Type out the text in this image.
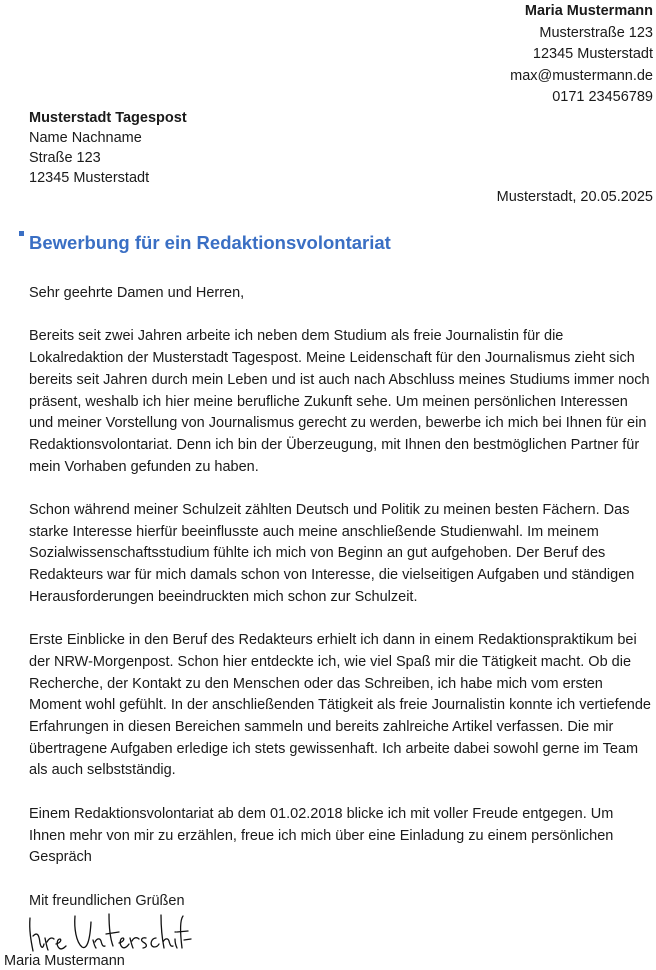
Maria Mustermann
Musterstraße 123
12345 Musterstadt
max@mustermann.de
0171 23456789
Musterstadt Tagespost
Name Nachname
Straße 123
12345 Musterstadt
Musterstadt, 20.05.2025
Bewerbung für ein Redaktionsvolontariat

Sehr geehrte Damen und Herren,

Bereits seit zwei Jahren arbeite ich neben dem Studium als freie Journalistin für die Lokalredaktion der Musterstadt Tagespost. Meine Leidenschaft für den Journalismus zieht sich bereits seit Jahren durch mein Leben und ist auch nach Abschluss meines Studiums immer noch präsent, weshalb ich hier meine berufliche Zukunft sehe. Um meinen persönlichen Interessen und meiner Vorstellung von Journalismus gerecht zu werden, bewerbe ich mich bei Ihnen für ein Redaktionsvolontariat. Denn ich bin der Überzeugung, mit Ihnen den bestmöglichen Partner für mein Vorhaben gefunden zu haben.

Schon während meiner Schulzeit zählten Deutsch und Politik zu meinen besten Fächern. Das starke Interesse hierfür beeinflusste auch meine anschließende Studienwahl. Im meinem Sozialwissenschaftsstudium fühlte ich mich von Beginn an gut aufgehoben. Der Beruf des Redakteurs war für mich damals schon von Interesse, die vielseitigen Aufgaben und ständigen Herausforderungen beeindruckten mich schon zur Schulzeit.

Erste Einblicke in den Beruf des Redakteurs erhielt ich dann in einem Redaktionspraktikum bei der NRW-Morgenpost. Schon hier entdeckte ich, wie viel Spaß mir die Tätigkeit macht. Ob die Recherche, der Kontakt zu den Menschen oder das Schreiben, ich habe mich vom ersten Moment wohl gefühlt. In der anschließenden Tätigkeit als freie Journalistin konnte ich vertiefende Erfahrungen in diesen Bereichen sammeln und bereits zahlreiche Artikel verfassen. Die mir übertragene Aufgaben erledige ich stets gewissenhaft. Ich arbeite dabei sowohl gerne im Team als auch selbstständig.

Einem Redaktionsvolontariat ab dem 01.02.2018 blicke ich mit voller Freude entgegen. Um Ihnen mehr von mir zu erzählen, freue ich mich über eine Einladung zu einem persönlichen Gespräch

Mit freundlichen Grüßen

Maria Mustermann
